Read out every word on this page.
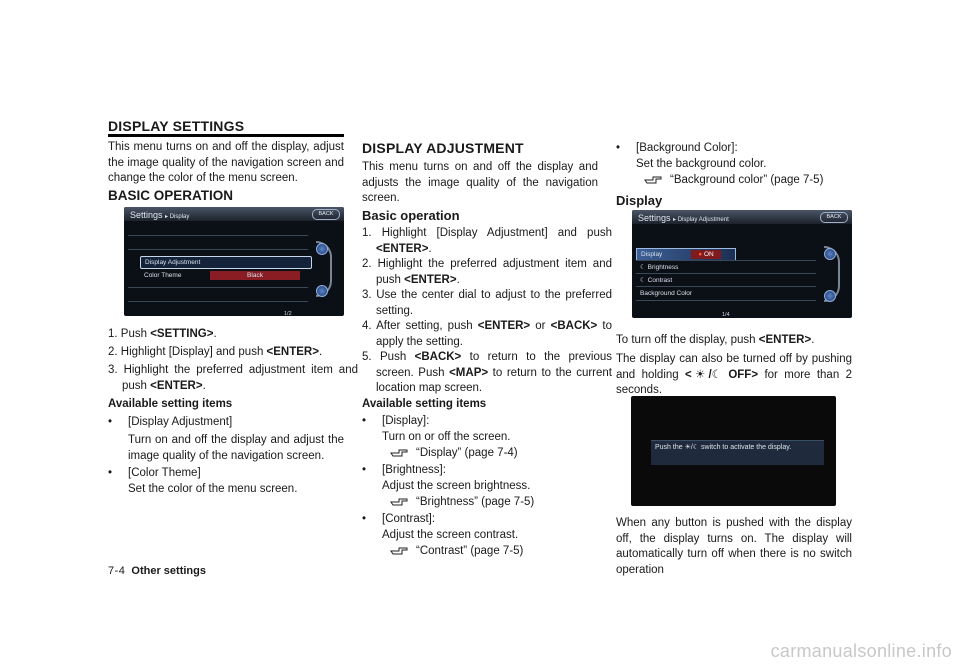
DISPLAY SETTINGS
This menu turns on and off the display, adjust the image quality of the navigation screen and change the color of the menu screen.
BASIC OPERATION
Settings ▸ Display	BACK
Display Adjustment
Color Theme	Black
1/2
1. Push <SETTING>.
2. Highlight [Display] and push <ENTER>.
3. Highlight the preferred adjustment item and push <ENTER>.
Available setting items
• [Display Adjustment]
Turn on and off the display and adjust the image quality of the navigation screen.
• [Color Theme]
Set the color of the menu screen.
DISPLAY ADJUSTMENT
This menu turns on and off the display and adjusts the image quality of the navigation screen.
Basic operation
1. Highlight [Display Adjustment] and push <ENTER>.
2. Highlight the preferred adjustment item and push <ENTER>.
3. Use the center dial to adjust to the preferred setting.
4. After setting, push <ENTER> or <BACK> to apply the setting.
5. Push <BACK> to return to the previous screen. Push <MAP> to return to the current location map screen.
Available setting items
• [Display]:
Turn on or off the screen.
“Display” (page 7-4)
• [Brightness]:
Adjust the screen brightness.
“Brightness” (page 7-5)
• [Contrast]:
Adjust the screen contrast.
“Contrast” (page 7-5)
• [Background Color]:
Set the background color.
“Background color” (page 7-5)
Display
Settings ▸ Display Adjustment	BACK
Display	● ON
☾ Brightness
☾ Contrast
Background Color
1/4
To turn off the display, push <ENTER>.
The display can also be turned off by pushing and holding <☀/☾ OFF> for more than 2 seconds.
Push the ☀/☾ switch to activate the display.
When any button is pushed with the display off, the display turns on. The display will automatically turn off when there is no switch operation
7-4 Other settings
carmanualsonline.info
